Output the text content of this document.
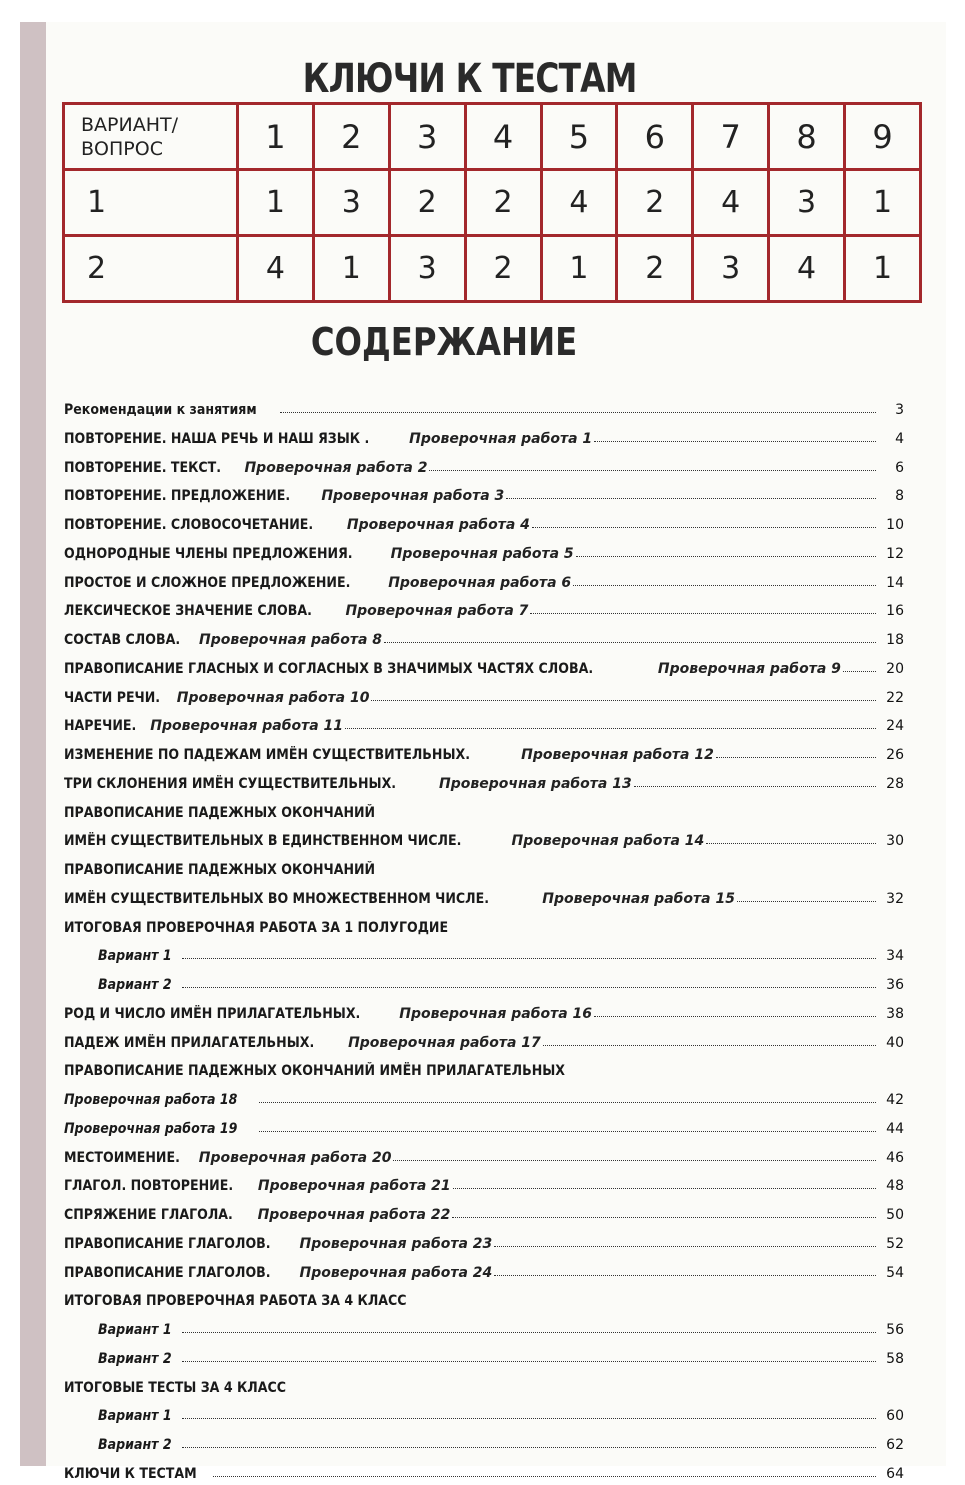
КЛЮЧИ К ТЕСТАМ
ВАРИАНТ/
ВОПРОС	1	2	3	4	5	6	7	8	9
1	1	3	2	2	4	2	4	3	1
2	4	1	3	2	1	2	3	4	1
СОДЕРЖАНИЕ
Рекомендации к занятиям	3
ПОВТОРЕНИЕ. НАША РЕЧЬ И НАШ ЯЗЫК .	Проверочная работа 1	4
ПОВТОРЕНИЕ. ТЕКСТ. Проверочная работа 2	6
ПОВТОРЕНИЕ. ПРЕДЛОЖЕНИЕ. Проверочная работа 3	8
ПОВТОРЕНИЕ. СЛОВОСОЧЕТАНИЕ. Проверочная работа 4	10
ОДНОРОДНЫЕ ЧЛЕНЫ ПРЕДЛОЖЕНИЯ.	Проверочная работа 5	12
ПРОСТОЕ И СЛОЖНОЕ ПРЕДЛОЖЕНИЕ.	Проверочная работа 6	14
ЛЕКСИЧЕСКОЕ ЗНАЧЕНИЕ СЛОВА. Проверочная работа 7	16
СОСТАВ СЛОВА. Проверочная работа 8	18
ПРАВОПИСАНИЕ ГЛАСНЫХ И СОГЛАСНЫХ В ЗНАЧИМЫХ ЧАСТЯХ СЛОВА.	Проверочная работа 9	20
ЧАСТИ РЕЧИ. Проверочная работа 10	22
НАРЕЧИЕ. Проверочная работа 11	24
ИЗМЕНЕНИЕ ПО ПАДЕЖАМ ИМЁН СУЩЕСТВИТЕЛЬНЫХ.	Проверочная работа 12	26
ТРИ СКЛОНЕНИЯ ИМЁН СУЩЕСТВИТЕЛЬНЫХ.	Проверочная работа 13	28
ПРАВОПИСАНИЕ ПАДЕЖНЫХ ОКОНЧАНИЙ
ИМЁН СУЩЕСТВИТЕЛЬНЫХ В ЕДИНСТВЕННОМ ЧИСЛЕ.	Проверочная работа 14	30
ПРАВОПИСАНИЕ ПАДЕЖНЫХ ОКОНЧАНИЙ
ИМЁН СУЩЕСТВИТЕЛЬНЫХ ВО МНОЖЕСТВЕННОМ ЧИСЛЕ.	Проверочная работа 15	32
ИТОГОВАЯ ПРОВЕРОЧНАЯ РАБОТА ЗА 1 ПОЛУГОДИЕ
Вариант 1	34
Вариант 2	36
РОД И ЧИСЛО ИМЁН ПРИЛАГАТЕЛЬНЫХ.	Проверочная работа 16	38
ПАДЕЖ ИМЁН ПРИЛАГАТЕЛЬНЫХ. Проверочная работа 17	40
ПРАВОПИСАНИЕ ПАДЕЖНЫХ ОКОНЧАНИЙ ИМЁН ПРИЛАГАТЕЛЬНЫХ
Проверочная работа 18	42
Проверочная работа 19	44
МЕСТОИМЕНИЕ. Проверочная работа 20	46
ГЛАГОЛ. ПОВТОРЕНИЕ. Проверочная работа 21	48
СПРЯЖЕНИЕ ГЛАГОЛА. Проверочная работа 22	50
ПРАВОПИСАНИЕ ГЛАГОЛОВ. Проверочная работа 23	52
ПРАВОПИСАНИЕ ГЛАГОЛОВ. Проверочная работа 24	54
ИТОГОВАЯ ПРОВЕРОЧНАЯ РАБОТА ЗА 4 КЛАСС
Вариант 1	56
Вариант 2	58
ИТОГОВЫЕ ТЕСТЫ ЗА 4 КЛАСС
Вариант 1	60
Вариант 2	62
КЛЮЧИ К ТЕСТАМ	64
